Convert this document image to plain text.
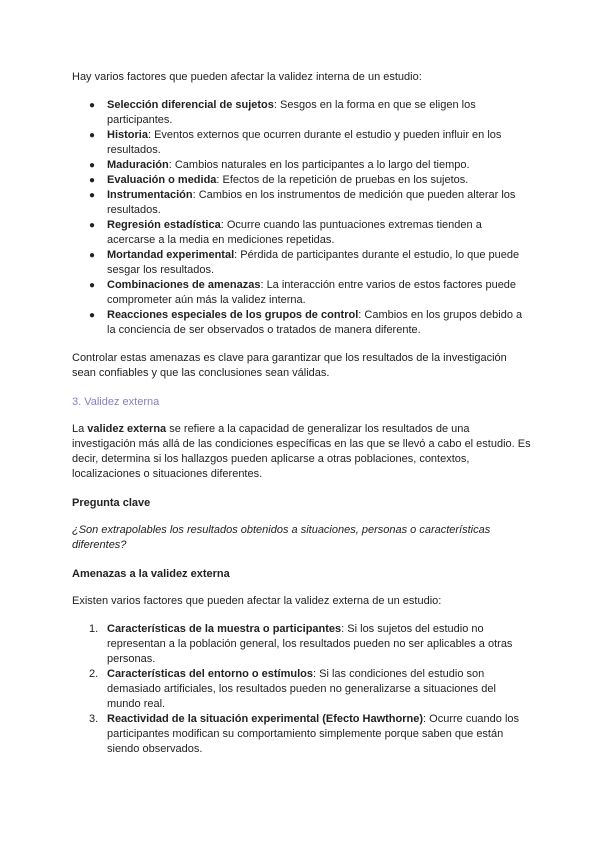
Hay varios factores que pueden afectar la validez interna de un estudio:

● Selección diferencial de sujetos: Sesgos en la forma en que se eligen los participantes.
● Historia: Eventos externos que ocurren durante el estudio y pueden influir en los resultados.
● Maduración: Cambios naturales en los participantes a lo largo del tiempo.
● Evaluación o medida: Efectos de la repetición de pruebas en los sujetos.
● Instrumentación: Cambios en los instrumentos de medición que pueden alterar los resultados.
● Regresión estadística: Ocurre cuando las puntuaciones extremas tienden a acercarse a la media en mediciones repetidas.
● Mortandad experimental: Pérdida de participantes durante el estudio, lo que puede sesgar los resultados.
● Combinaciones de amenazas: La interacción entre varios de estos factores puede comprometer aún más la validez interna.
● Reacciones especiales de los grupos de control: Cambios en los grupos debido a la conciencia de ser observados o tratados de manera diferente.

Controlar estas amenazas es clave para garantizar que los resultados de la investigación sean confiables y que las conclusiones sean válidas.

3. Validez externa

La validez externa se refiere a la capacidad de generalizar los resultados de una investigación más allá de las condiciones específicas en las que se llevó a cabo el estudio. Es decir, determina si los hallazgos pueden aplicarse a otras poblaciones, contextos, localizaciones o situaciones diferentes.

Pregunta clave

¿Son extrapolables los resultados obtenidos a situaciones, personas o características diferentes?

Amenazas a la validez externa

Existen varios factores que pueden afectar la validez externa de un estudio:

1. Características de la muestra o participantes: Si los sujetos del estudio no representan a la población general, los resultados pueden no ser aplicables a otras personas.
2. Características del entorno o estímulos: Si las condiciones del estudio son demasiado artificiales, los resultados pueden no generalizarse a situaciones del mundo real.
3. Reactividad de la situación experimental (Efecto Hawthorne): Ocurre cuando los participantes modifican su comportamiento simplemente porque saben que están siendo observados.
